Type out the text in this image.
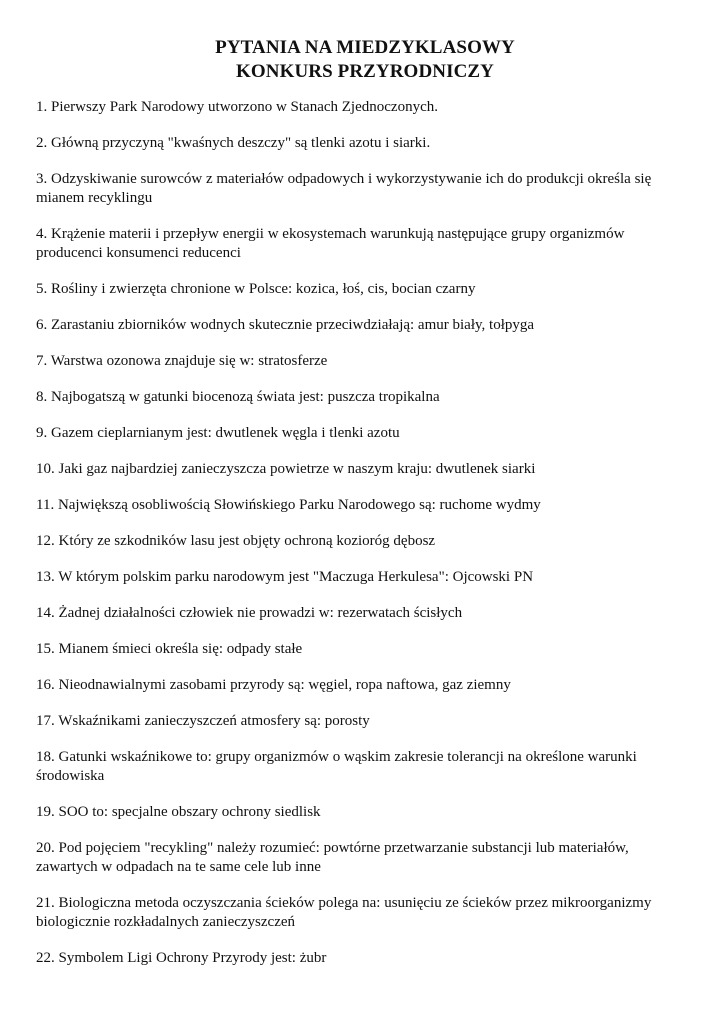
PYTANIA NA MIEDZYKLASOWY
KONKURS PRZYRODNICZY

1. Pierwszy Park Narodowy utworzono w Stanach Zjednoczonych.

2. Główną przyczyną "kwaśnych deszczy" są tlenki azotu i siarki.

3. Odzyskiwanie surowców z materiałów odpadowych i wykorzystywanie ich do produkcji określa się mianem recyklingu

4. Krążenie materii i przepływ energii w ekosystemach warunkują następujące grupy organizmów producenci konsumenci reducenci

5. Rośliny i zwierzęta chronione w Polsce: kozica, łoś, cis, bocian czarny

6. Zarastaniu zbiorników wodnych skutecznie przeciwdziałają: amur biały, tołpyga

7. Warstwa ozonowa znajduje się w: stratosferze

8. Najbogatszą w gatunki biocenozą świata jest: puszcza tropikalna

9. Gazem cieplarnianym jest: dwutlenek węgla i tlenki azotu

10. Jaki gaz najbardziej zanieczyszcza powietrze w naszym kraju: dwutlenek siarki

11. Największą osobliwością Słowińskiego Parku Narodowego są: ruchome wydmy

12. Który ze szkodników lasu jest objęty ochroną kozioróg dębosz

13. W którym polskim parku narodowym jest "Maczuga Herkulesa": Ojcowski PN

14. Żadnej działalności człowiek nie prowadzi w: rezerwatach ścisłych

15. Mianem śmieci określa się: odpady stałe

16. Nieodnawialnymi zasobami przyrody są: węgiel, ropa naftowa, gaz ziemny

17. Wskaźnikami zanieczyszczeń atmosfery są: porosty

18. Gatunki wskaźnikowe to: grupy organizmów o wąskim zakresie tolerancji na określone warunki środowiska

19. SOO to: specjalne obszary ochrony siedlisk

20. Pod pojęciem "recykling" należy rozumieć: powtórne przetwarzanie substancji lub materiałów, zawartych w odpadach na te same cele lub inne

21. Biologiczna metoda oczyszczania ścieków polega na: usunięciu ze ścieków przez mikroorganizmy biologicznie rozkładalnych zanieczyszczeń

22. Symbolem Ligi Ochrony Przyrody jest: żubr
